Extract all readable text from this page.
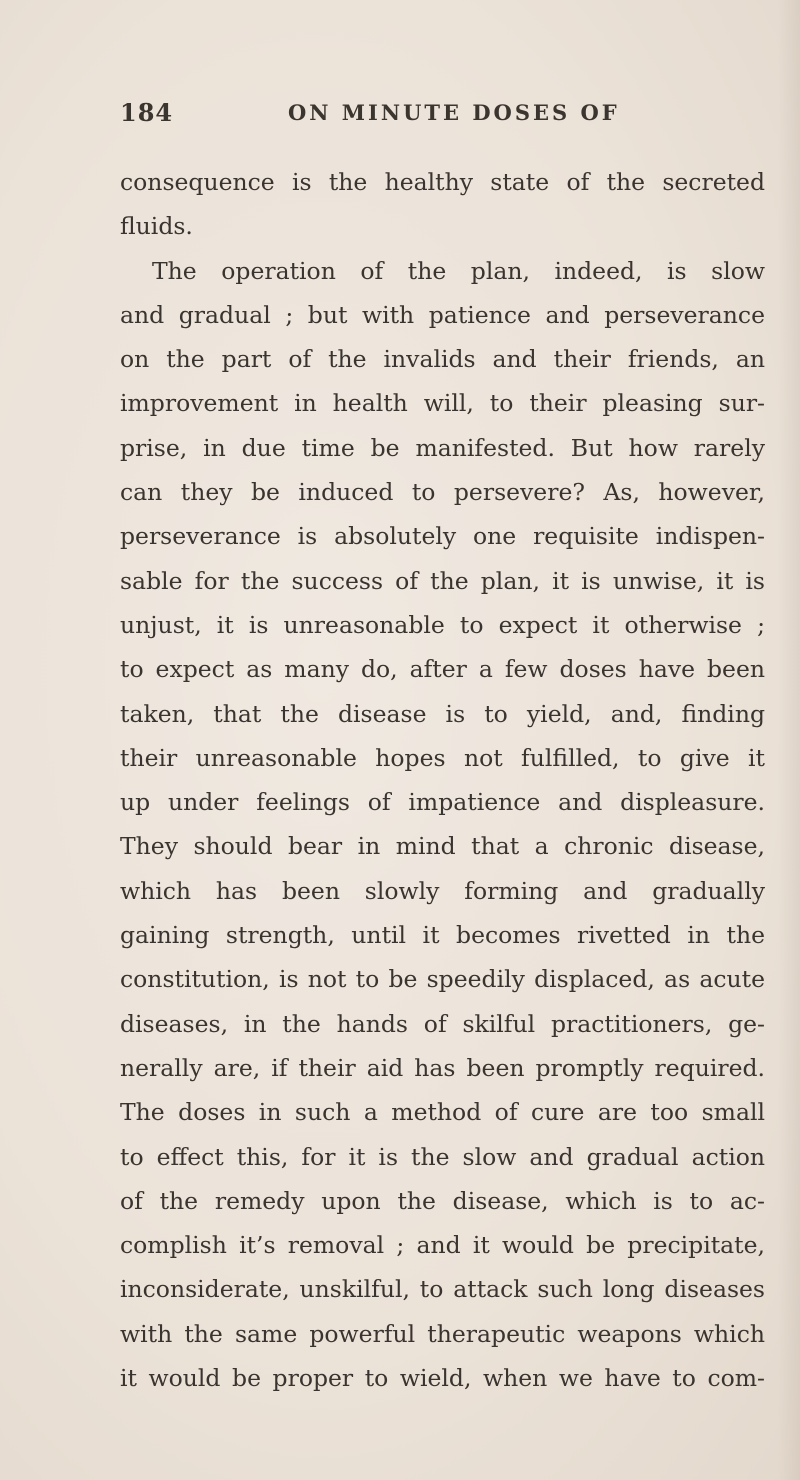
184	ON MINUTE DOSES OF
consequence is the healthy state of the secreted
fluids.
The operation of the plan, indeed, is slow
and gradual ; but with patience and perseverance
on the part of the invalids and their friends, an
improvement in health will, to their pleasing sur-
prise, in due time be manifested. But how rarely
can they be induced to persevere? As, however,
perseverance is absolutely one requisite indispen-
sable for the success of the plan, it is unwise, it is
unjust, it is unreasonable to expect it otherwise ;
to expect as many do, after a few doses have been
taken, that the disease is to yield, and, finding
their unreasonable hopes not fulfilled, to give it
up under feelings of impatience and displeasure.
They should bear in mind that a chronic disease,
which has been slowly forming and gradually
gaining strength, until it becomes rivetted in the
constitution, is not to be speedily displaced, as acute
diseases, in the hands of skilful practitioners, ge-
nerally are, if their aid has been promptly required.
The doses in such a method of cure are too small
to effect this, for it is the slow and gradual action
of the remedy upon the disease, which is to ac-
complish it’s removal ; and it would be precipitate,
inconsiderate, unskilful, to attack such long diseases
with the same powerful therapeutic weapons which
it would be proper to wield, when we have to com-
